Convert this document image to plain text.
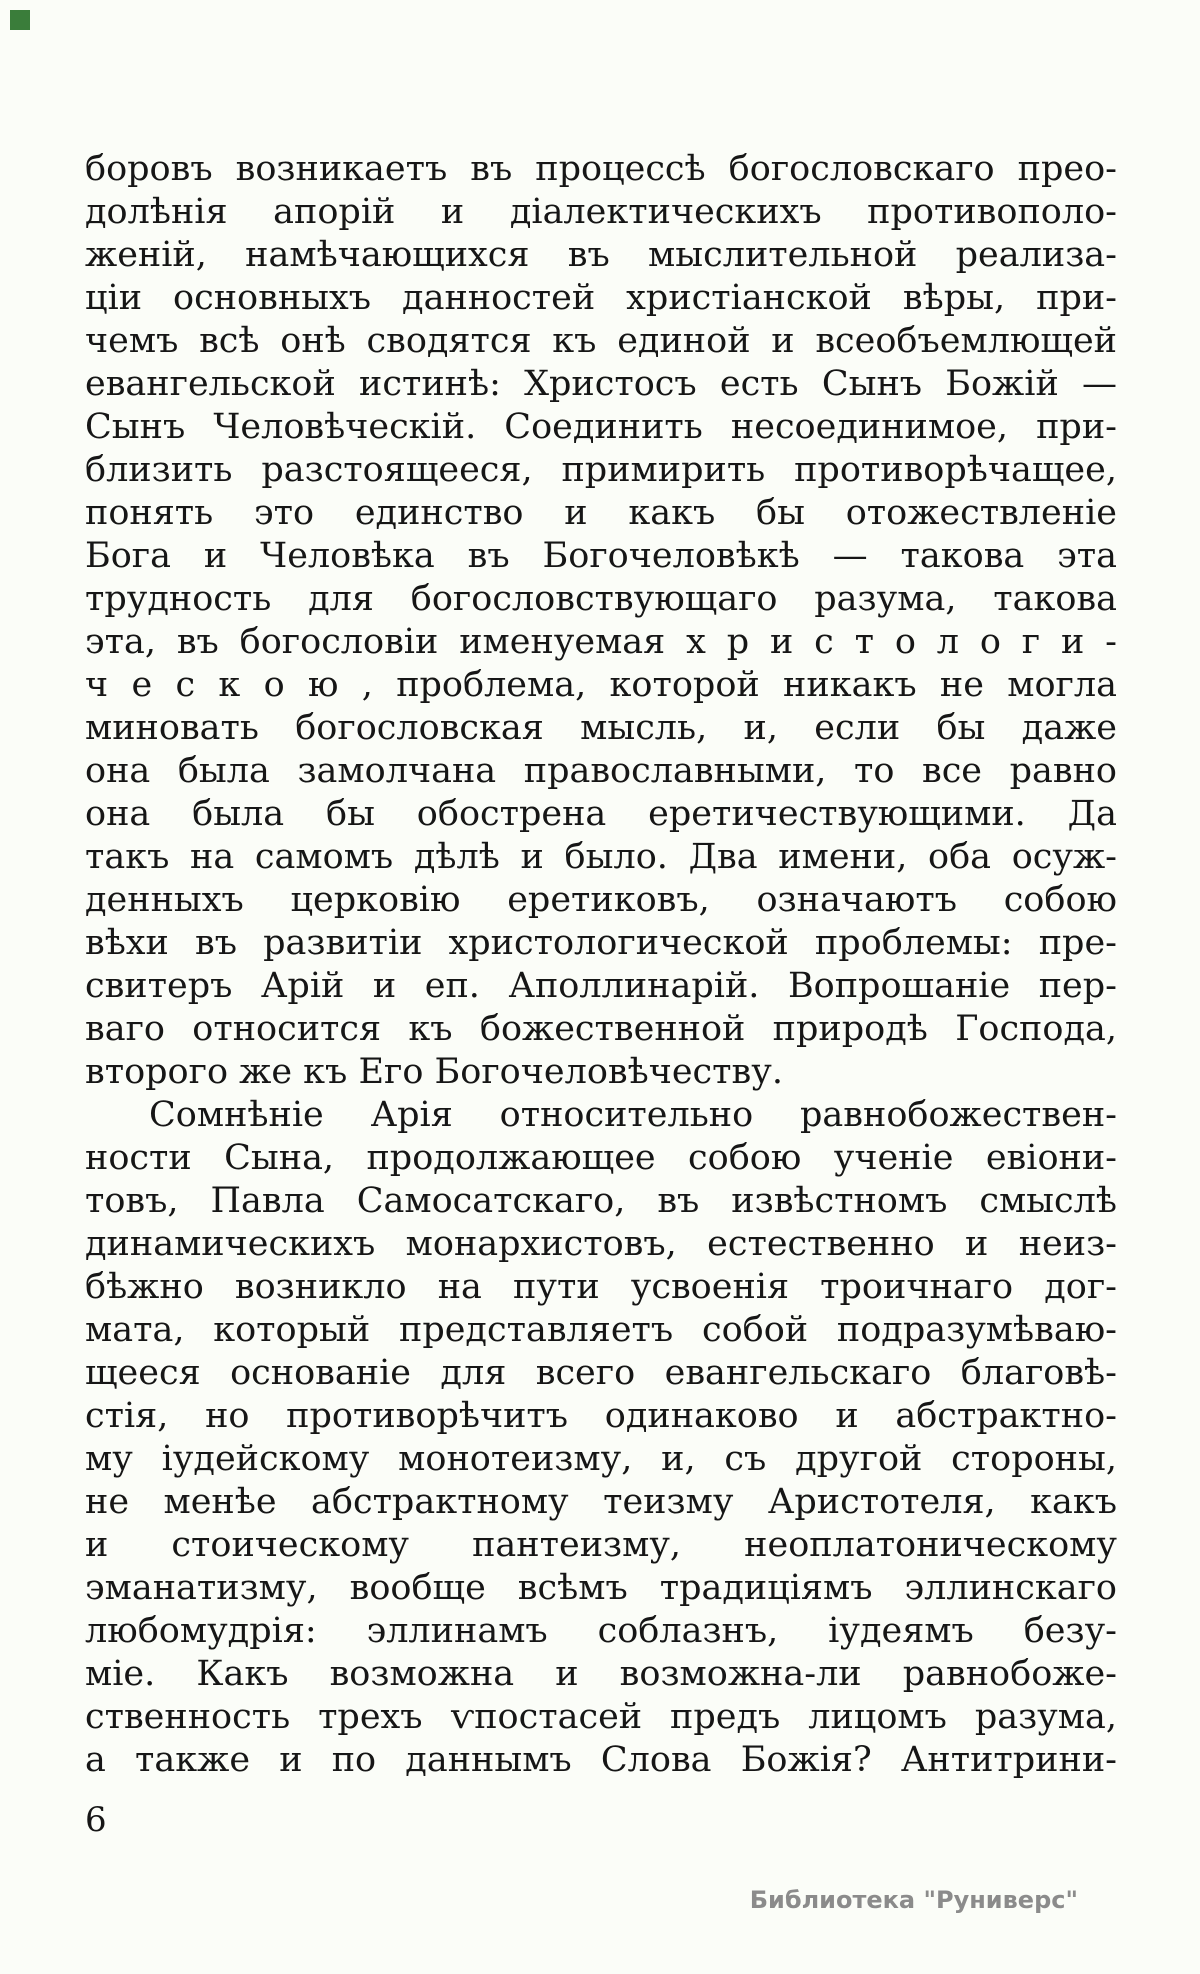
боровъ возникаетъ въ процессѣ богословскаго прео-
долѣнія апорій и діалектическихъ противополо-
женій, намѣчающихся въ мыслительной реализа-
ціи основныхъ данностей христіанской вѣры, при-
чемъ всѣ онѣ сводятся къ единой и всеобъемлющей
евангельской истинѣ: Христосъ есть Сынъ Божій —
Сынъ Человѣческій. Соединить несоединимое, при-
близить разстоящееся, примирить противорѣчащее,
понять это единство и какъ бы отожествленіе
Бога и Человѣка въ Богочеловѣкѣ — такова эта
трудность для богословствующаго разума, такова
эта, въ богословіи именуемая х р и с т о л о г и -
ч е с к о ю , проблема, которой никакъ не могла
миновать богословская мысль, и, если бы даже
она была замолчана православными, то все равно
она была бы обострена еретичествующими. Да
такъ на самомъ дѣлѣ и было. Два имени, оба осуж-
денныхъ церковію еретиковъ, означаютъ собою
вѣхи въ развитіи христологической проблемы: пре-
свитеръ Арій и еп. Аполлинарій. Вопрошаніе пер-
ваго относится къ божественной природѣ Господа,
второго же къ Его Богочеловѣчеству.
Сомнѣніе Арія относительно равнобожествен-
ности Сына, продолжающее собою ученіе евіони-
товъ, Павла Самосатскаго, въ извѣстномъ смыслѣ
динамическихъ монархистовъ, естественно и неиз-
бѣжно возникло на пути усвоенія троичнаго дог-
мата, который представляетъ собой подразумѣваю-
щееся основаніе для всего евангельскаго благовѣ-
стія, но противорѣчитъ одинаково и абстрактно-
му іудейскому монотеизму, и, съ другой стороны,
не менѣе абстрактному теизму Аристотеля, какъ
и стоическому пантеизму, неоплатоническому
эманатизму, вообще всѣмъ традиціямъ эллинскаго
любомудрія: эллинамъ соблазнъ, іудеямъ безу-
міе. Какъ возможна и возможна-ли равнобоже-
ственность трехъ ѵпостасей предъ лицомъ разума,
а также и по даннымъ Слова Божія? Антитрини-
6
Библиотека "Руниверс"
